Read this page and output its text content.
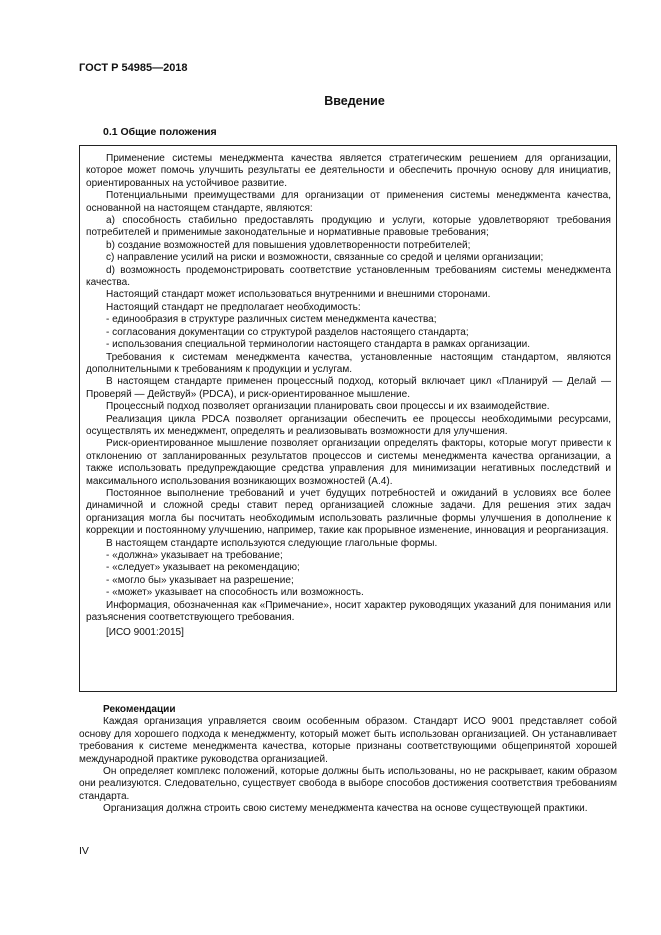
ГОСТ Р 54985—2018
Введение
0.1 Общие положения

Применение системы менеджмента качества является стратегическим решением для организации, которое может помочь улучшить результаты ее деятельности и обеспечить прочную основу для инициатив, ориентированных на устойчивое развитие.

Потенциальными преимуществами для организации от применения системы менеджмента качества, основанной на настоящем стандарте, являются:

a) способность стабильно предоставлять продукцию и услуги, которые удовлетворяют требования потребителей и применимые законодательные и нормативные правовые требования;

b) создание возможностей для повышения удовлетворенности потребителей;

c) направление усилий на риски и возможности, связанные со средой и целями организации;

d) возможность продемонстрировать соответствие установленным требованиям системы менеджмента качества.

Настоящий стандарт может использоваться внутренними и внешними сторонами.

Настоящий стандарт не предполагает необходимость:

- единообразия в структуре различных систем менеджмента качества;

- согласования документации со структурой разделов настоящего стандарта;

- использования специальной терминологии настоящего стандарта в рамках организации.

Требования к системам менеджмента качества, установленные настоящим стандартом, являются дополнительными к требованиям к продукции и услугам.

В настоящем стандарте применен процессный подход, который включает цикл «Планируй — Делай — Проверяй — Действуй» (PDCA), и риск-ориентированное мышление.

Процессный подход позволяет организации планировать свои процессы и их взаимодействие.

Реализация цикла PDCA позволяет организации обеспечить ее процессы необходимыми ресурсами, осуществлять их менеджмент, определять и реализовывать возможности для улучшения.

Риск-ориентированное мышление позволяет организации определять факторы, которые могут привести к отклонению от запланированных результатов процессов и системы менеджмента качества организации, а также использовать предупреждающие средства управления для минимизации негативных последствий и максимального использования возникающих возможностей (А.4).

Постоянное выполнение требований и учет будущих потребностей и ожиданий в условиях все более динамичной и сложной среды ставит перед организацией сложные задачи. Для решения этих задач организация могла бы посчитать необходимым использовать различные формы улучшения в дополнение к коррекции и постоянному улучшению, например, такие как прорывное изменение, инновация и реорганизация.

В настоящем стандарте используются следующие глагольные формы.

- «должна» указывает на требование;

- «следует» указывает на рекомендацию;

- «могло бы» указывает на разрешение;

- «может» указывает на способность или возможность.

Информация, обозначенная как «Примечание», носит характер руководящих указаний для понимания или разъяснения соответствующего требования.

[ИСО 9001:2015]

Рекомендации

Каждая организация управляется своим особенным образом. Стандарт ИСО 9001 представляет собой основу для хорошего подхода к менеджменту, который может быть использован организацией. Он устанавливает требования к системе менеджмента качества, которые признаны соответствующими общепринятой хорошей международной практике руководства организацией.

Он определяет комплекс положений, которые должны быть использованы, но не раскрывает, каким образом они реализуются. Следовательно, существует свобода в выборе способов достижения соответствия требованиям стандарта.

Организация должна строить свою систему менеджмента качества на основе существующей практики.

IV
